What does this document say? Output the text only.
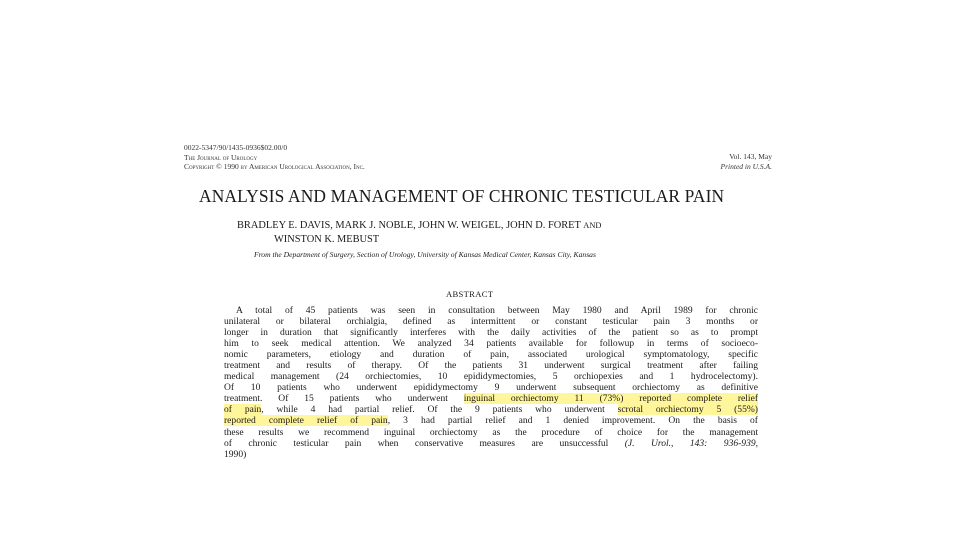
0022-5347/90/1435-0936$02.00/0
The Journal of Urology
Copyright © 1990 by American Urological Association, Inc.
Vol. 143, May
Printed in U.S.A.
ANALYSIS AND MANAGEMENT OF CHRONIC TESTICULAR PAIN
BRADLEY E. DAVIS, MARK J. NOBLE, JOHN W. WEIGEL, JOHN D. FORET AND
WINSTON K. MEBUST
From the Department of Surgery, Section of Urology, University of Kansas Medical Center, Kansas City, Kansas
ABSTRACT
A total of 45 patients was seen in consultation between May 1980 and April 1989 for chronic
unilateral or bilateral orchialgia, defined as intermittent or constant testicular pain 3 months or
longer in duration that significantly interferes with the daily activities of the patient so as to prompt
him to seek medical attention. We analyzed 34 patients available for followup in terms of socioeco-
nomic parameters, etiology and duration of pain, associated urological symptomatology, specific
treatment and results of therapy. Of the patients 31 underwent surgical treatment after failing
medical management (24 orchiectomies, 10 epididymectomies, 5 orchiopexies and 1 hydrocelectomy).
Of 10 patients who underwent epididymectomy 9 underwent subsequent orchiectomy as definitive
treatment. Of 15 patients who underwent inguinal orchiectomy 11 (73%) reported complete relief
of pain, while 4 had partial relief. Of the 9 patients who underwent scrotal orchiectomy 5 (55%)
reported complete relief of pain, 3 had partial relief and 1 denied improvement. On the basis of
these results we recommend inguinal orchiectomy as the procedure of choice for the management
of chronic testicular pain when conservative measures are unsuccessful (J. Urol., 143: 936-939,
1990)
